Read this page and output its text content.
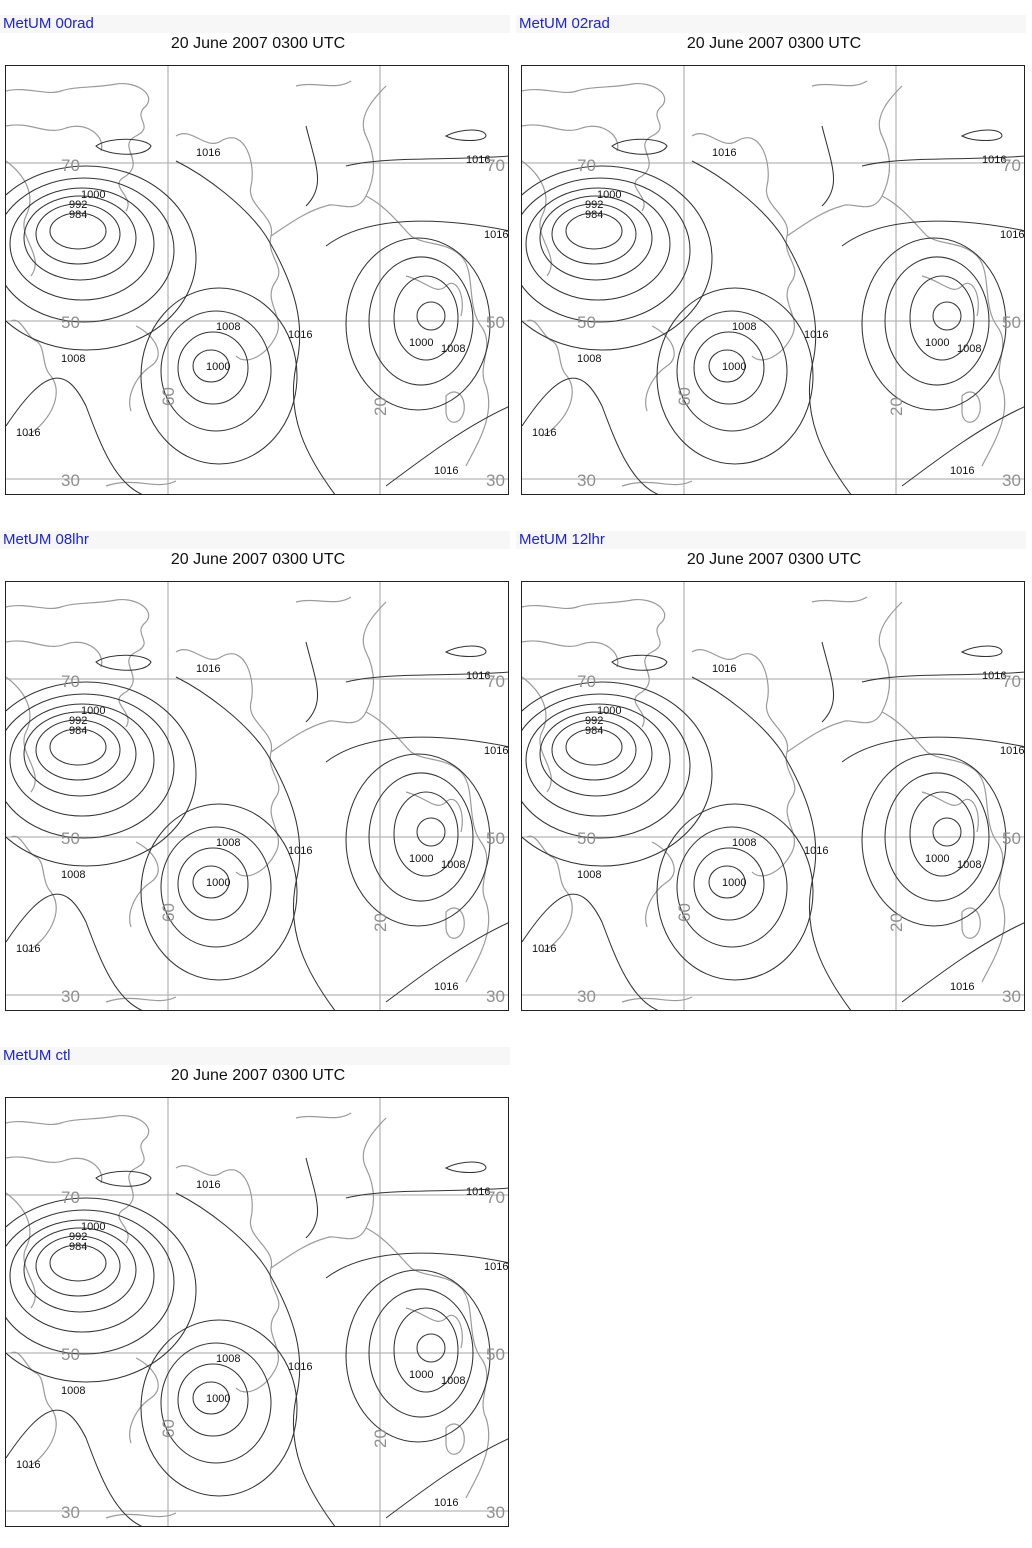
MetUM 00rad
20 June 2007 0300 UTC
1000
992
984
1016
1016
1016
1016
1008
1000
1000 1008
1008
1016
1016
70
50
30
70
50
30
60
20
MetUM 02rad
20 June 2007 0300 UTC
1000
992
984
1016
1016
1016
1016
1008
1000
1000 1008
1008
1016
1016
70
50
30
70
50
30
60
20
MetUM 08lhr
20 June 2007 0300 UTC
1000
992
984
1016
1016
1016
1016
1008
1000
1000 1008
1008
1016
1016
70
50
30
70
50
30
60
20
MetUM 12lhr
20 June 2007 0300 UTC
1000
992
984
1016
1016
1016
1016
1008
1000
1000 1008
1008
1016
1016
70
50
30
70
50
30
60
20
MetUM ctl
20 June 2007 0300 UTC
1000
992
984
1016
1016
1016
1016
1008
1000
1000 1008
1008
1016
1016
70
50
30
70
50
30
60
20
